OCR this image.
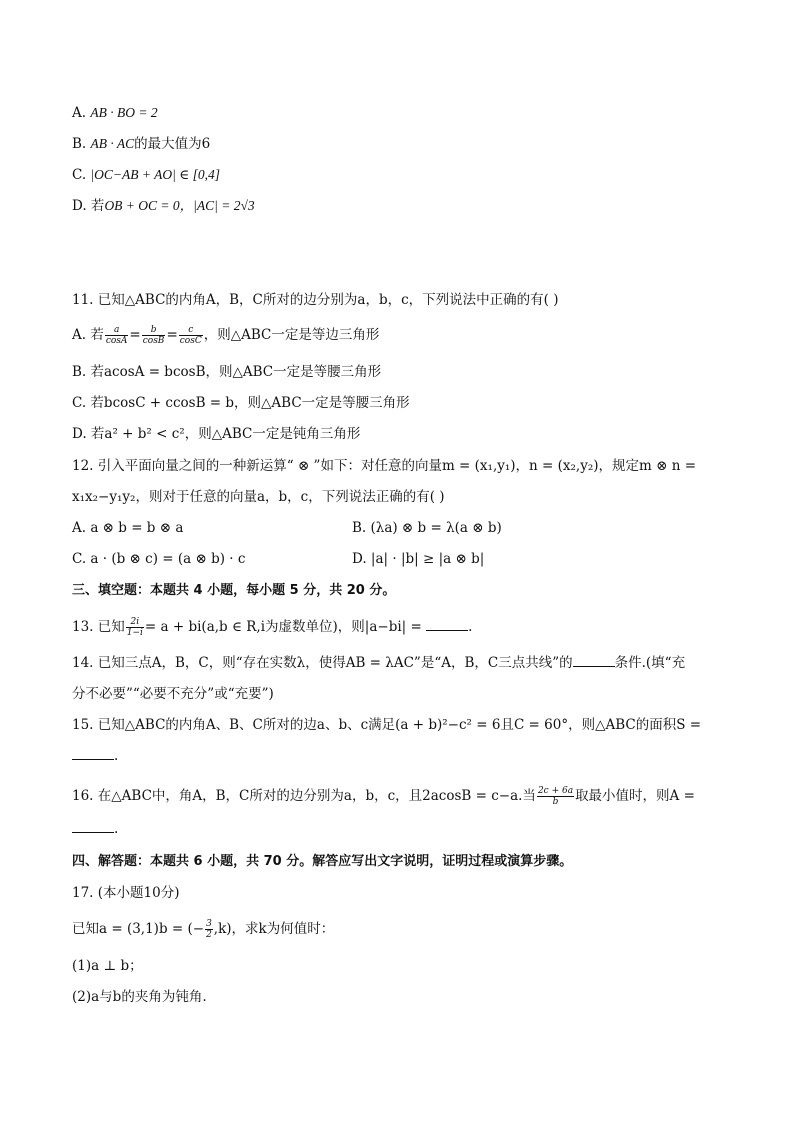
A. AB · BO = 2
B. AB · AC的最大值为6
C. |OC−AB + AO| ∈ [0,4]
D. 若OB + OC = 0，|AC| = 2√3
11. 已知△ABC的内角A，B，C所对的边分别为a，b，c，下列说法中正确的有( )
A. 若 $\frac{a}{\cos A} = \frac{b}{\cos B} = \frac{c}{\cos C}$ ，则△ABC一定是等边三角形
B. 若acosA = bcosB，则△ABC一定是等腰三角形
C. 若bcosC + ccosB = b，则△ABC一定是等腰三角形
D. 若a² + b² < c²，则△ABC一定是钝角三角形
12. 引入平面向量之间的一种新运算“ ⊗ ”如下：对任意的向量m = (x₁,y₁)，n = (x₂,y₂)，规定m ⊗ n =
x₁x₂−y₁y₂，则对于任意的向量a，b，c，下列说法正确的有( )
A. a ⊗ b = b ⊗ a	B. (λa) ⊗ b = λ(a ⊗ b)
C. a · (b ⊗ c) = (a ⊗ b) · c	D. |a| · |b| ≥ |a ⊗ b|
三、填空题：本题共 4 小题，每小题 5 分，共 20 分。
13. 已知 $\frac{2i}{1-i} = a + bi(a,b$ ∈ R,i为虚数单位)，则|a−bi| =	.
14. 已知三点A，B，C，则“存在实数λ，使得AB = λAC”是“A，B，C三点共线”的	条件.(填“充
分不必要”“必要不充分”或“充要”)
15. 已知△ABC的内角A、B、C所对的边a、b、c满足(a + b)²−c² = 6且C = 60°，则△ABC的面积S =
.
16. 在△ABC中，角A，B，C所对的边分别为a，b，c，且2acosB = c−a.当 $\frac{2c + 6a}{b}$ 取最小值时，则A =
.
四、解答题：本题共 6 小题，共 70 分。解答应写出文字说明，证明过程或演算步骤。
17. (本小题10分)
已知a = (3,1)b = (− $\frac{3}{2} ,k$)，求k为何值时：
(1)a ⊥ b；
(2)a与b的夹角为钝角.
